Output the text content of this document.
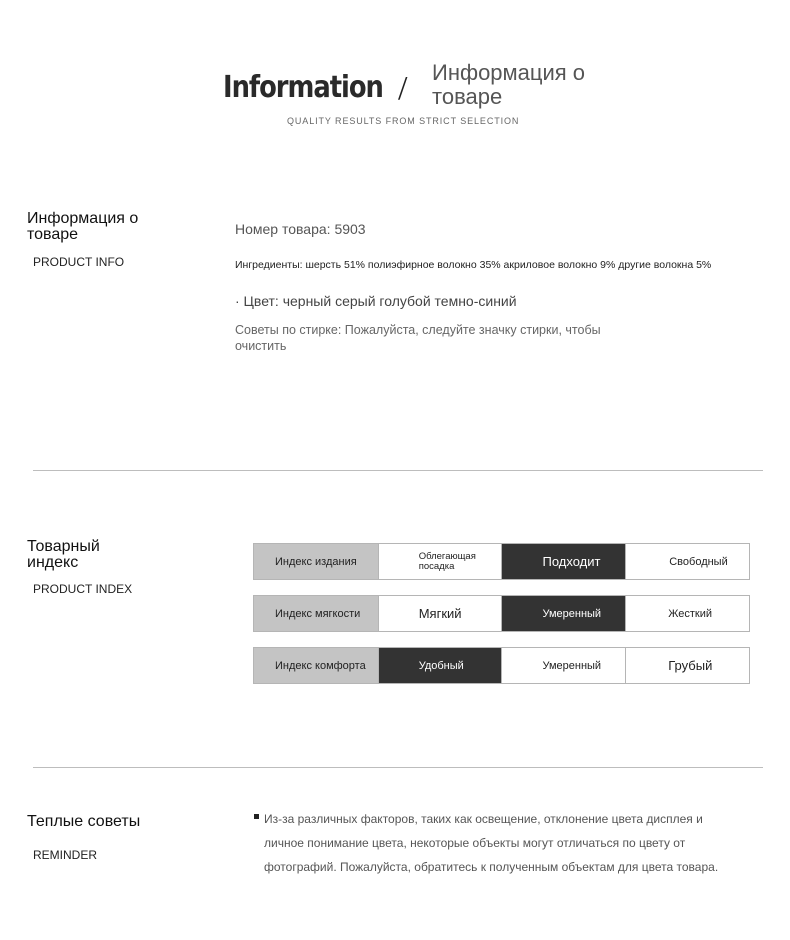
Information / Информация о товаре
QUALITY RESULTS FROM STRICT SELECTION
Информация о товаре
PRODUCT INFO
Номер товара: 5903
Ингредиенты: шерсть 51% полиэфирное волокно 35% акриловое волокно 9% другие волокна 5%
· Цвет: черный серый голубой темно-синий
Советы по стирке: Пожалуйста, следуйте значку стирки, чтобы очистить
Товарный индекс
PRODUCT INDEX
Индекс издания	Облегающая посадка	Подходит	Свободный
Индекс мягкости	Мягкий	Умеренный	Жесткий
Индекс комфорта	Удобный	Умеренный	Грубый
Теплые советы
REMINDER
Из-за различных факторов, таких как освещение, отклонение цвета дисплея и личное понимание цвета, некоторые объекты могут отличаться по цвету от фотографий. Пожалуйста, обратитесь к полученным объектам для цвета товара.
